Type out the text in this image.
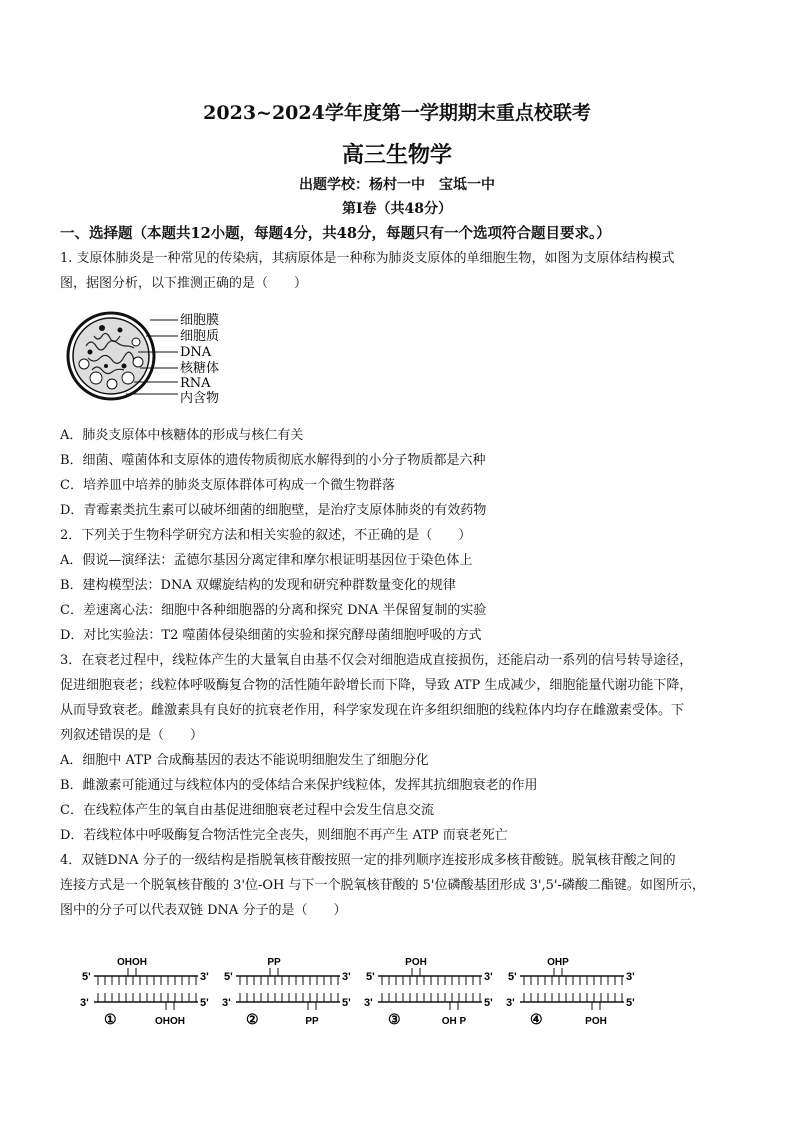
2023~2024学年度第一学期期末重点校联考
高三生物学
出题学校：杨村一中　宝坻一中
第Ⅰ卷（共48分）
一、选择题（本题共12小题，每题4分，共48分，每题只有一个选项符合题目要求。）
1. 支原体肺炎是一种常见的传染病，其病原体是一种称为肺炎支原体的单细胞生物，如图为支原体结构模式
图，据图分析，以下推测正确的是（　　）
细胞膜
细胞质
DNA
核糖体
RNA
内含物
A．肺炎支原体中核糖体的形成与核仁有关
B．细菌、噬菌体和支原体的遗传物质彻底水解得到的小分子物质都是六种
C．培养皿中培养的肺炎支原体群体可构成一个微生物群落
D．青霉素类抗生素可以破坏细菌的细胞壁，是治疗支原体肺炎的有效药物
2．下列关于生物科学研究方法和相关实验的叙述，不正确的是（　　）
A．假说—演绎法：孟德尔基因分离定律和摩尔根证明基因位于染色体上
B．建构模型法：DNA 双螺旋结构的发现和研究种群数量变化的规律
C．差速离心法：细胞中各种细胞器的分离和探究 DNA 半保留复制的实验
D．对比实验法：T2 噬菌体侵染细菌的实验和探究酵母菌细胞呼吸的方式
3．在衰老过程中，线粒体产生的大量氧自由基不仅会对细胞造成直接损伤，还能启动一系列的信号转导途径，
促进细胞衰老；线粒体呼吸酶复合物的活性随年龄增长而下降，导致 ATP 生成减少，细胞能量代谢功能下降，
从而导致衰老。雌激素具有良好的抗衰老作用，科学家发现在许多组织细胞的线粒体内均存在雌激素受体。下
列叙述错误的是（　　）
A．细胞中 ATP 合成酶基因的表达不能说明细胞发生了细胞分化
B．雌激素可能通过与线粒体内的受体结合来保护线粒体，发挥其抗细胞衰老的作用
C．在线粒体产生的氧自由基促进细胞衰老过程中会发生信息交流
D．若线粒体中呼吸酶复合物活性完全丧失，则细胞不再产生 ATP 而衰老死亡
4．双链DNA 分子的一级结构是指脱氧核苷酸按照一定的排列顺序连接形成多核苷酸链。脱氧核苷酸之间的
连接方式是一个脱氧核苷酸的 3'位-OH 与下一个脱氧核苷酸的 5'位磷酸基团形成 3',5'-磷酸二酯键。如图所示，
图中的分子可以代表双链 DNA 分子的是（　　）
5'	3'
3'	5'
OHOH
OHOH
①
5'	3'
3'	5'
PP
PP
②
5'	3'
3'	5'
POH
OH P
③
5'	3'
3'	5'
OHP
POH
④
